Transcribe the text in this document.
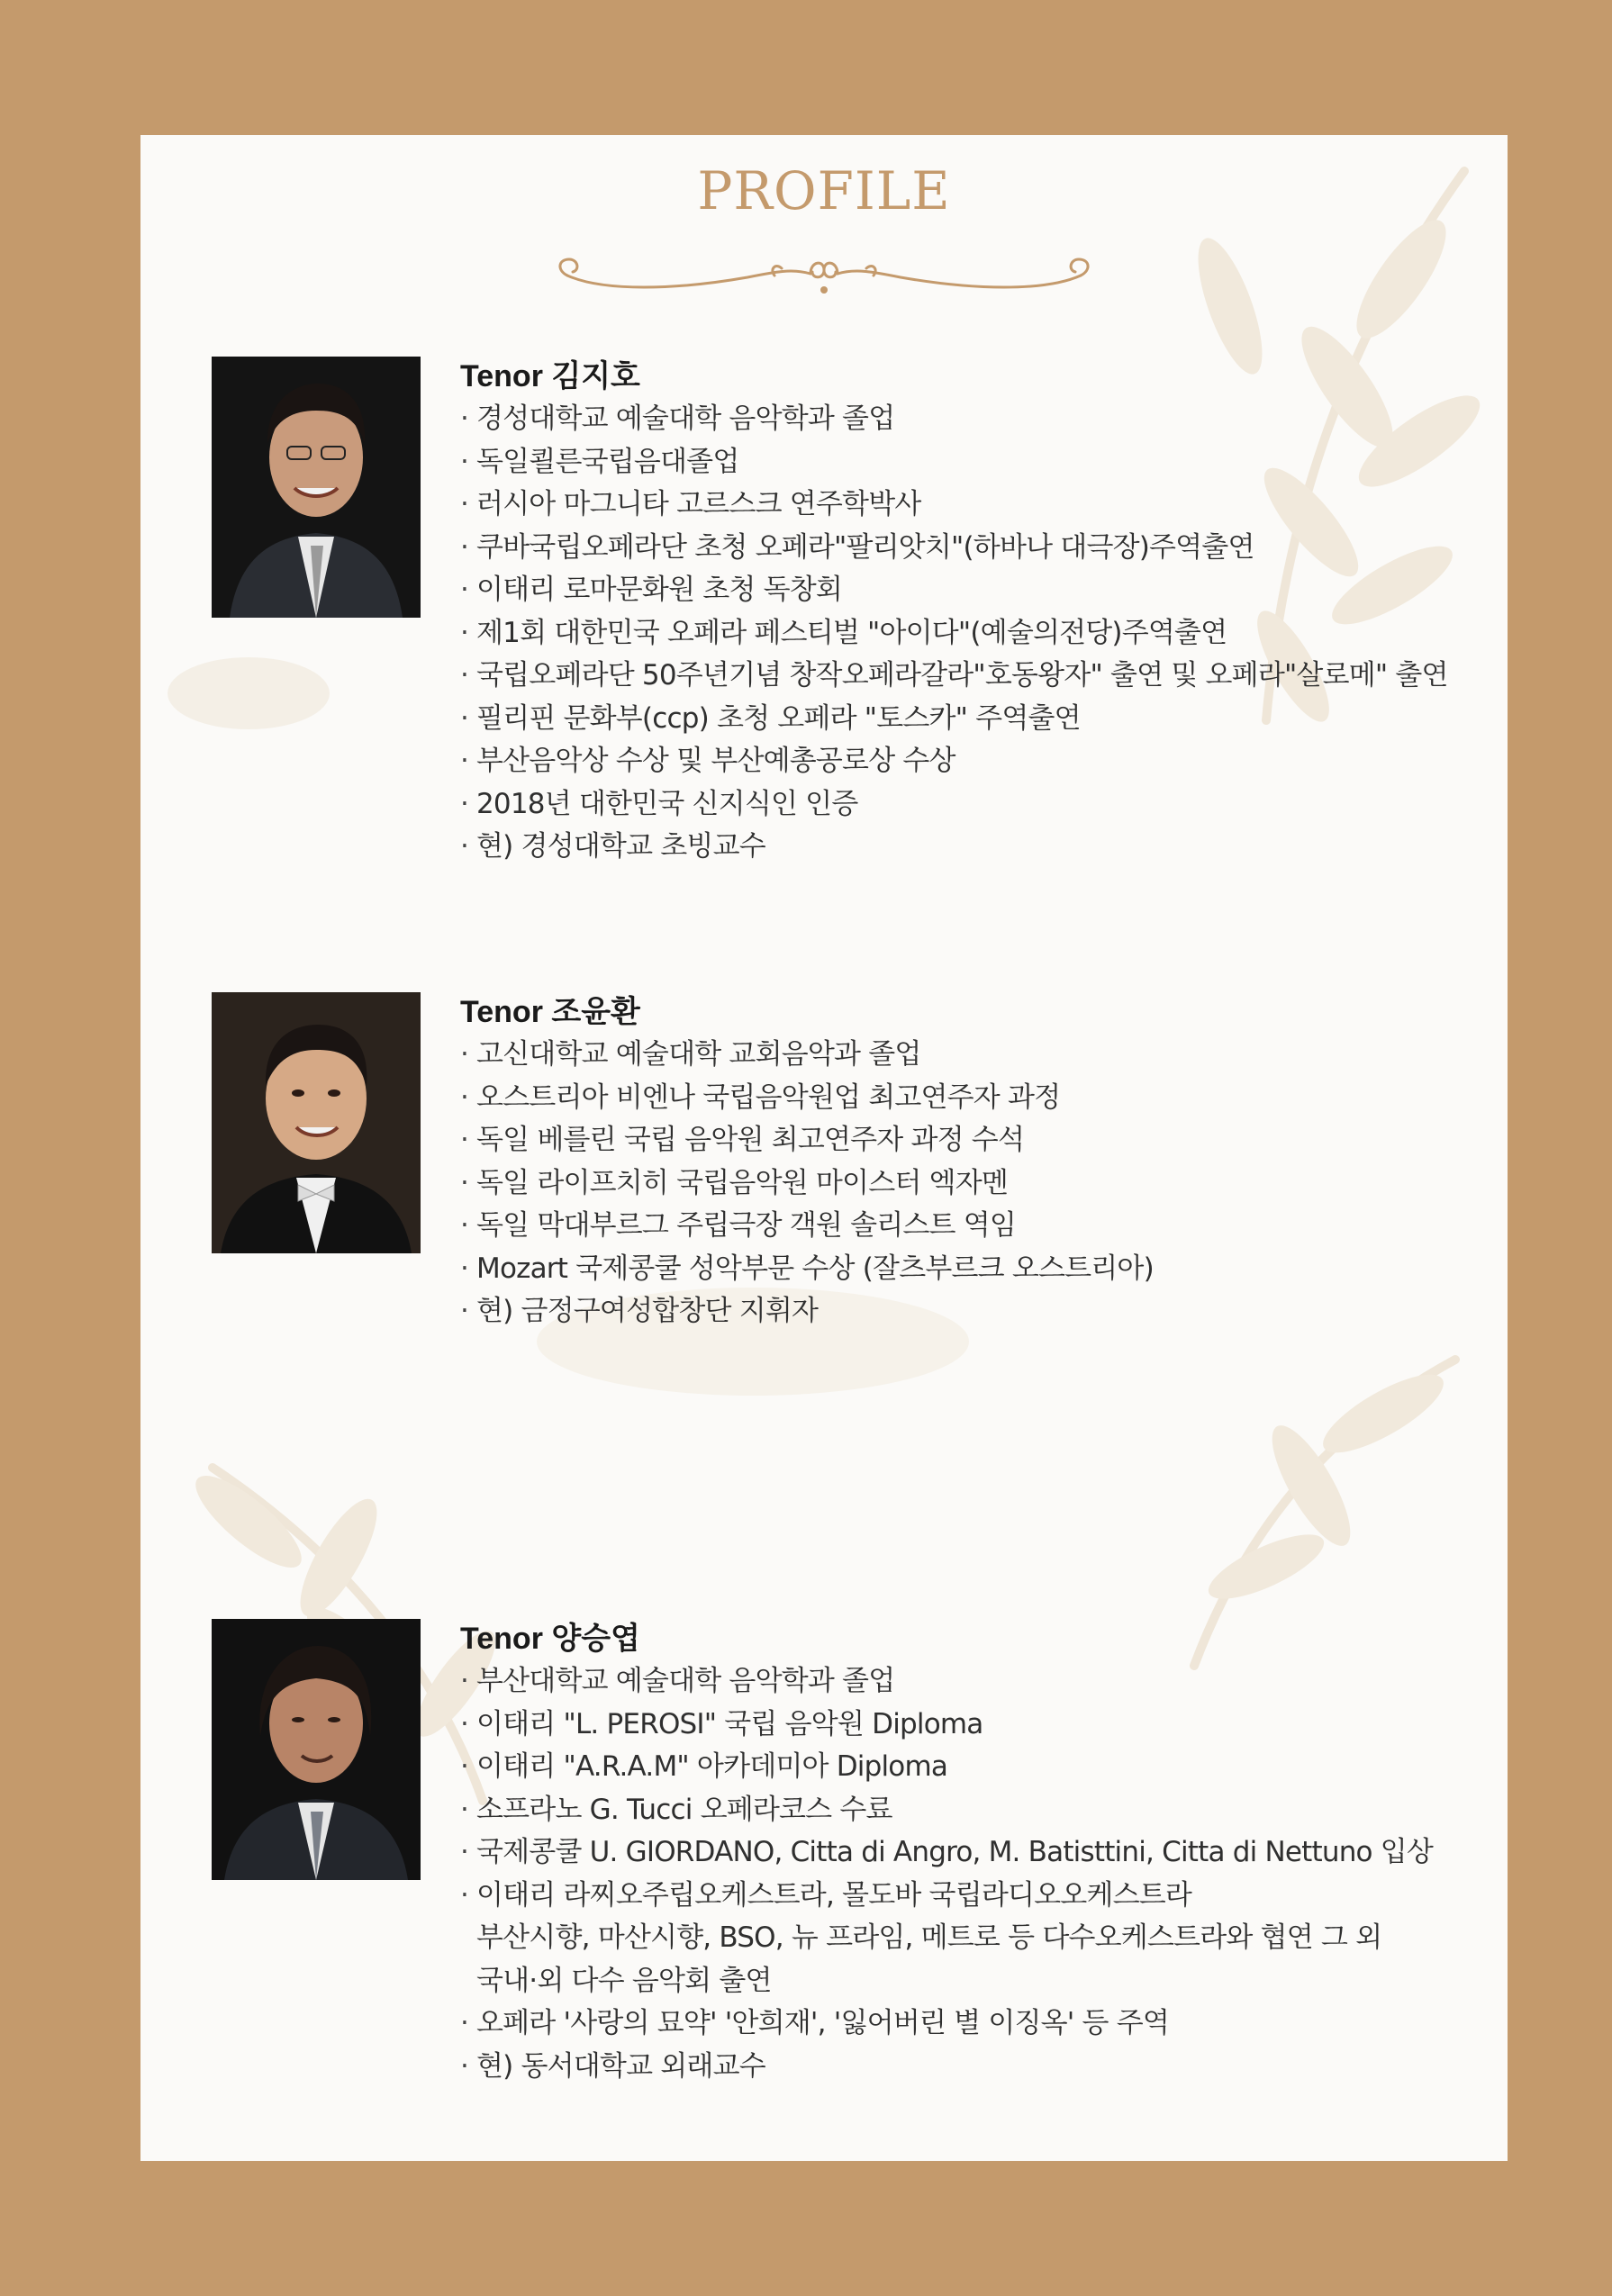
PROFILE
Tenor 김지호
· 경성대학교 예술대학 음악학과 졸업
· 독일쾰른국립음대졸업
· 러시아 마그니타 고르스크 연주학박사
· 쿠바국립오페라단 초청 오페라"팔리앗치"(하바나 대극장)주역출연
· 이태리 로마문화원 초청 독창회
· 제1회 대한민국 오페라 페스티벌 "아이다"(예술의전당)주역출연
· 국립오페라단 50주년기념 창작오페라갈라"호동왕자" 출연 및 오페라"살로메" 출연
· 필리핀 문화부(ccp) 초청 오페라 "토스카" 주역출연
· 부산음악상 수상 및 부산예총공로상 수상
· 2018년 대한민국 신지식인 인증
· 현) 경성대학교 초빙교수
Tenor 조윤환
· 고신대학교 예술대학 교회음악과 졸업
· 오스트리아 비엔나 국립음악원업 최고연주자 과정
· 독일 베를린 국립 음악원 최고연주자 과정 수석
· 독일 라이프치히 국립음악원 마이스터 엑자멘
· 독일 막대부르그 주립극장 객원 솔리스트 역임
· Mozart 국제콩쿨 성악부문 수상 (잘츠부르크 오스트리아)
· 현) 금정구여성합창단 지휘자
Tenor 양승엽
· 부산대학교 예술대학 음악학과 졸업
· 이태리 "L. PEROSI" 국립 음악원 Diploma
· 이태리 "A.R.A.M" 아카데미아 Diploma
· 소프라노 G. Tucci 오페라코스 수료
· 국제콩쿨 U. GIORDANO, Citta di Angro, M. Batisttini, Citta di Nettuno 입상
· 이태리 라찌오주립오케스트라, 몰도바 국립라디오오케스트라
부산시향, 마산시향, BSO, 뉴 프라임, 메트로 등 다수오케스트라와 협연 그 외
국내·외 다수 음악회 출연
· 오페라 '사랑의 묘약' '안희재', '잃어버린 별 이징옥' 등 주역
· 현) 동서대학교 외래교수
